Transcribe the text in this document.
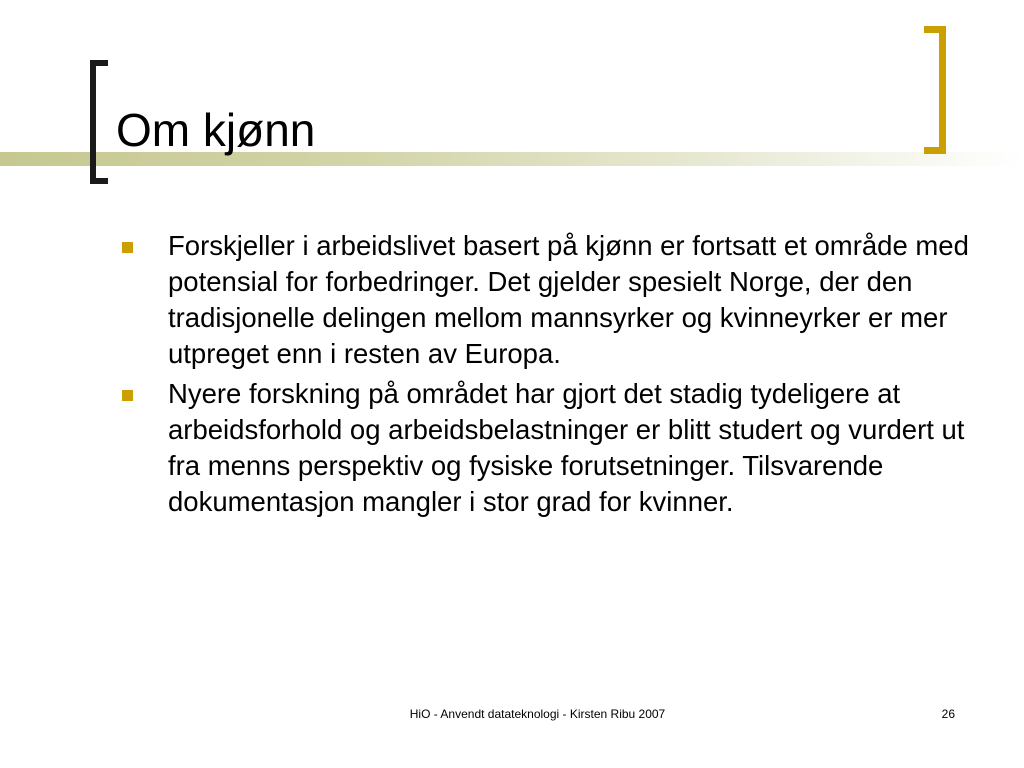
Om kjønn
Forskjeller i arbeidslivet basert på kjønn er fortsatt et område med potensial for forbedringer. Det gjelder spesielt Norge, der den tradisjonelle delingen mellom mannsyrker og kvinneyrker er mer utpreget enn i resten av Europa.
Nyere forskning på området har gjort det stadig tydeligere at arbeidsforhold og arbeidsbelastninger er blitt studert og vurdert ut fra menns perspektiv og fysiske forutsetninger. Tilsvarende dokumentasjon mangler i stor grad for kvinner.
HiO - Anvendt datateknologi - Kirsten Ribu 2007	26
